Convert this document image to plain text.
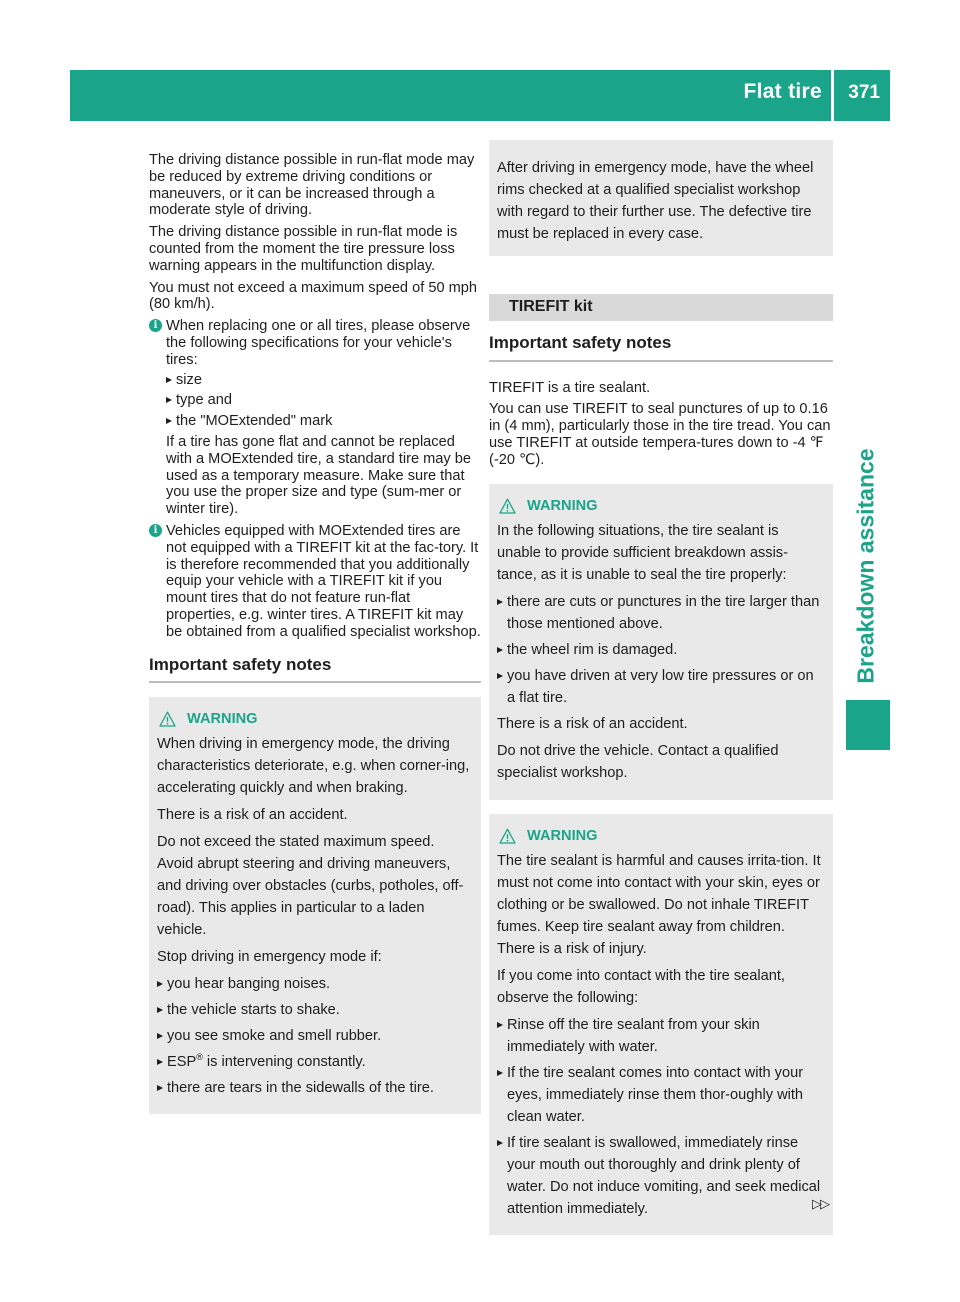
Flat tire 371
Breakdown assitance

The driving distance possible in run-flat mode may be reduced by extreme driving conditions or maneuvers, or it can be increased through a moderate style of driving.

The driving distance possible in run-flat mode is counted from the moment the tire pressure loss warning appears in the multifunction display.

You must not exceed a maximum speed of 50 mph (80 km/h).

i When replacing one or all tires, please observe the following specifications for your vehicle's tires:
size
type and
the "MOExtended" mark
If a tire has gone flat and cannot be replaced with a MOExtended tire, a standard tire may be used as a temporary measure. Make sure that you use the proper size and type (sum-mer or winter tire).
i Vehicles equipped with MOExtended tires are not equipped with a TIREFIT kit at the fac-tory. It is therefore recommended that you additionally equip your vehicle with a TIREFIT kit if you mount tires that do not feature run-flat properties, e.g. winter tires. A TIREFIT kit may be obtained from a qualified specialist workshop.
Important safety notes
WARNING

When driving in emergency mode, the driving characteristics deteriorate, e.g. when corner-ing, accelerating quickly and when braking.

There is a risk of an accident.

Do not exceed the stated maximum speed. Avoid abrupt steering and driving maneuvers, and driving over obstacles (curbs, potholes, off-road). This applies in particular to a laden vehicle.

Stop driving in emergency mode if:

you hear banging noises.
the vehicle starts to shake.
you see smoke and smell rubber.
ESP® is intervening constantly.
there are tears in the sidewalls of the tire.

After driving in emergency mode, have the wheel rims checked at a qualified specialist workshop with regard to their further use. The defective tire must be replaced in every case.

TIREFIT kit
Important safety notes

TIREFIT is a tire sealant.

You can use TIREFIT to seal punctures of up to 0.16 in (4 mm), particularly those in the tire tread. You can use TIREFIT at outside tempera-tures down to -4 ℉ (-20 ℃).

WARNING

In the following situations, the tire sealant is unable to provide sufficient breakdown assis-tance, as it is unable to seal the tire properly:

there are cuts or punctures in the tire larger than those mentioned above.
the wheel rim is damaged.
you have driven at very low tire pressures or on a flat tire.

There is a risk of an accident.

Do not drive the vehicle. Contact a qualified specialist workshop.

WARNING

The tire sealant is harmful and causes irrita-tion. It must not come into contact with your skin, eyes or clothing or be swallowed. Do not inhale TIREFIT fumes. Keep tire sealant away from children. There is a risk of injury.

If you come into contact with the tire sealant, observe the following:

Rinse off the tire sealant from your skin immediately with water.
If the tire sealant comes into contact with your eyes, immediately rinse them thor-oughly with clean water.
If tire sealant is swallowed, immediately rinse your mouth out thoroughly and drink plenty of water. Do not induce vomiting, and seek medical attention immediately.	▷▷
